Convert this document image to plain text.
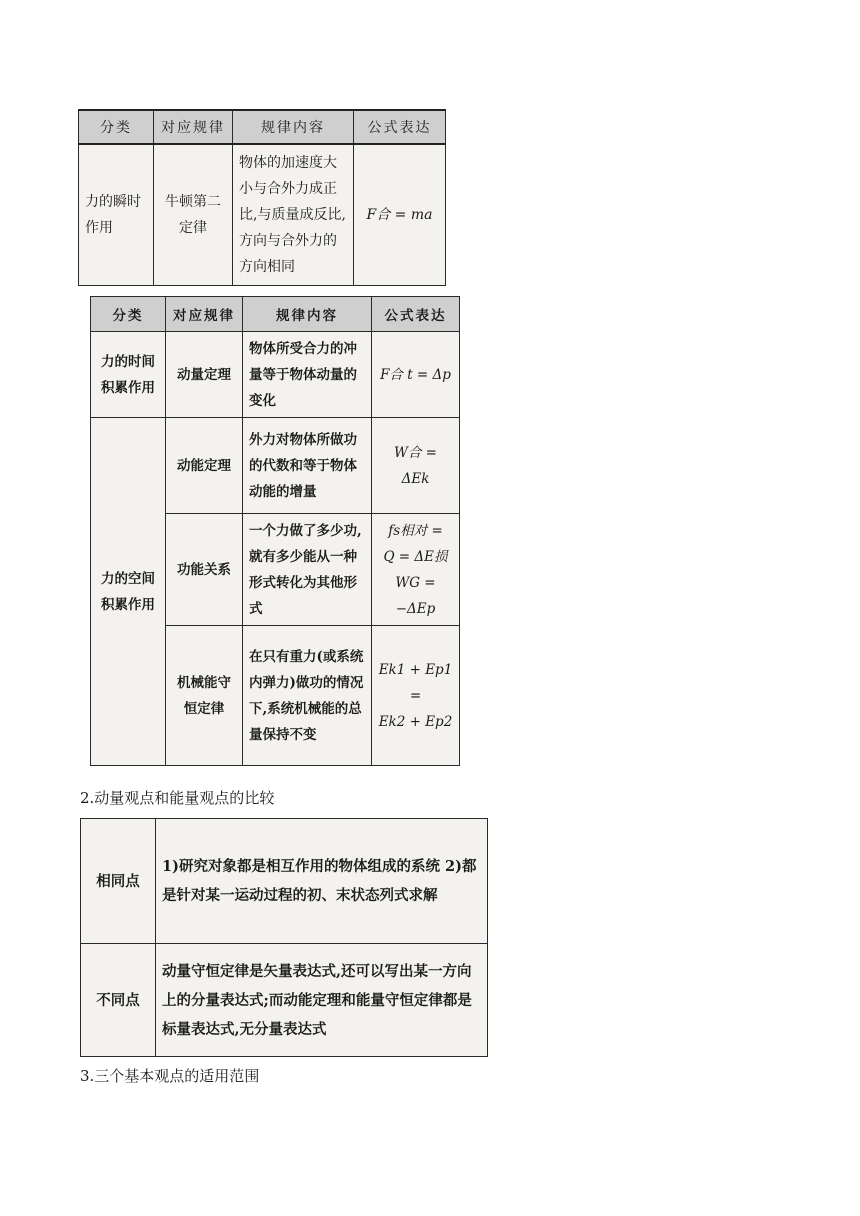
分类	对应规律	规律内容	公式表达
力的瞬时作用	牛顿第二定律	物体的加速度大小与合外力成正比,与质量成反比,方向与合外力的方向相同	F合 = ma
分类	对应规律	规律内容	公式表达
力的时间积累作用	动量定理	物体所受合力的冲量等于物体动量的变化	F合 t = Δp
力的空间积累作用	动能定理	外力对物体所做功的代数和等于物体动能的增量	W合 = ΔEk
	功能关系	一个力做了多少功,就有多少能从一种形式转化为其他形式	fs相对 =
Q = ΔE损
WG = −ΔEp

	机械能守恒定律	在只有重力(或系统内弹力)做功的情况下,系统机械能的总量保持不变	Ek1 + Ep1 =
Ek2 + Ep2
2.动量观点和能量观点的比较
相同点	1)研究对象都是相互作用的物体组成的系统 2)都是针对某一运动过程的初、末状态列式求解
不同点	动量守恒定律是矢量表达式,还可以写出某一方向上的分量表达式;而动能定理和能量守恒定律都是标量表达式,无分量表达式
3.三个基本观点的适用范围
